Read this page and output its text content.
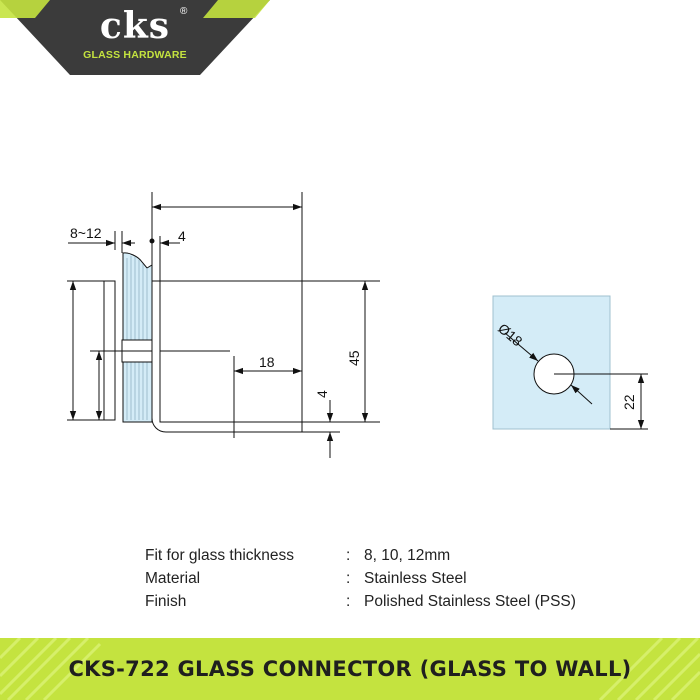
cks ®
GLASS HARDWARE
8~12	4
18
4
45
Ø18
22
Fit for glass thickness	: 8, 10, 12mm
Material	: Stainless Steel
Finish	: Polished Stainless Steel (PSS)
CKS-722 GLASS CONNECTOR (GLASS TO WALL)
